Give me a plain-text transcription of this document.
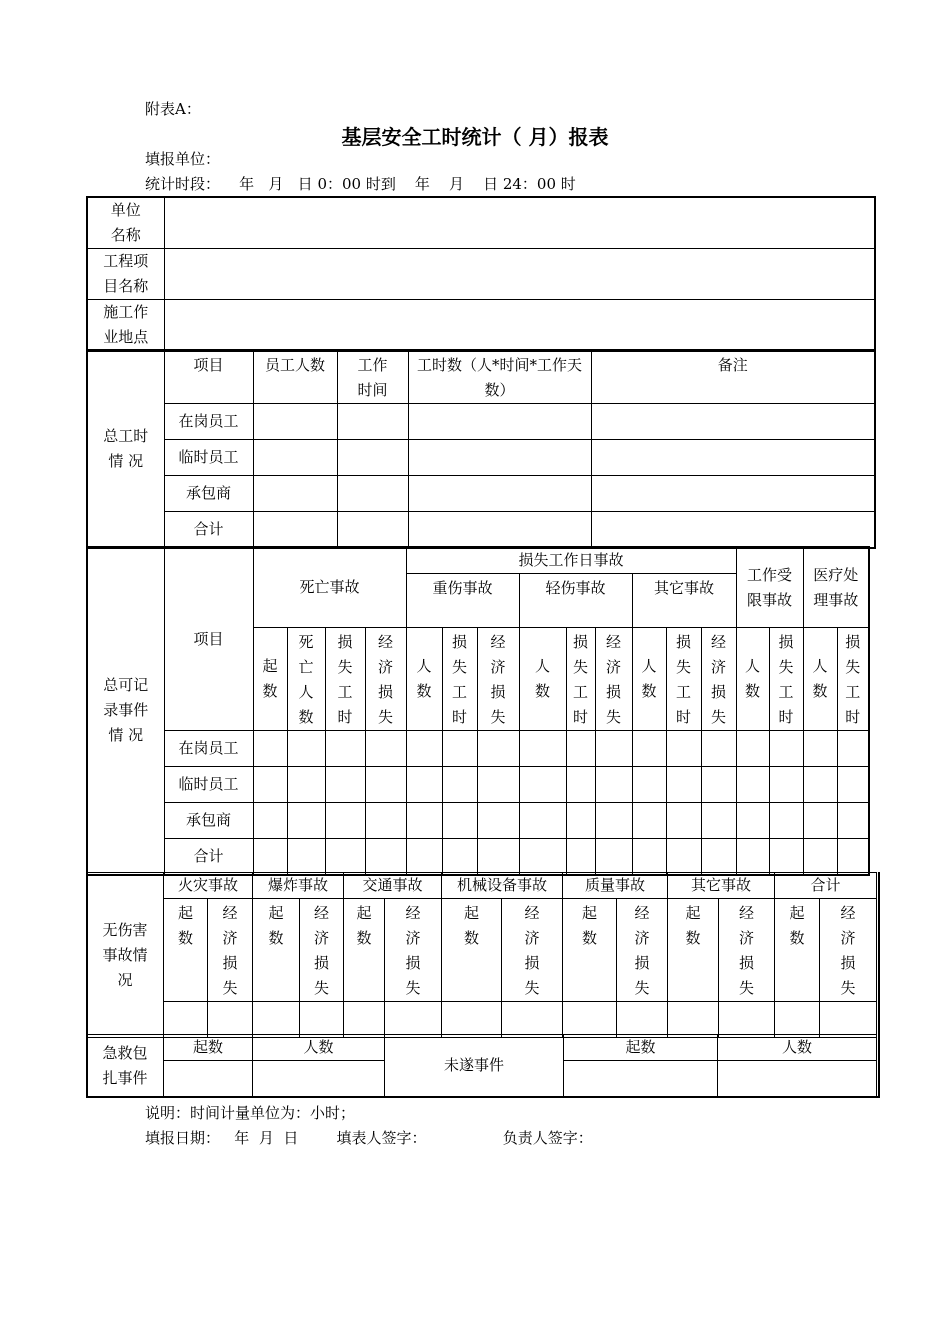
附表A：
基层安全工时统计（ 月）报表
填报单位：
统计时段：    年   月   日 0：00 时到    年    月    日 24：00 时
单位名称	
工程项目名称	
施工作业地点	
总工时情 况	项目	员工人数	工作时间	工时数（人*时间*工作天数）	备注
	在岗员工				
	临时员工				
	承包商				
	合计				
总可记录事件情 况	项目	死亡事故				损失工作日事故									工作受限事故		医疗处理事故	
						重伤事故			轻伤事故			其它事故						
		起数	死亡人数	损失工时	经济损失	人数	损失工时	经济损失	人数	损失工时	经济损失	人数	损失工时	经济损失	人数	损失工时	人数	损失工时
	在岗员工																	
	临时员工																	
	承包商																	
	合计																	
无伤害事故情况	火灾事故		爆炸事故		交通事故		机械设备事故		质量事故		其它事故		合计	
	起数	经济损失	起数	经济损失	起数	经济损失	起数	经济损失	起数	经济损失	起数	经济损失	起数	经济损失

急救包扎事件	起数	人数	未遂事件	起数	人数

说明：时间计量单位为：小时；
填报日期：   年  月  日        填表人签字：                负责人签字：
